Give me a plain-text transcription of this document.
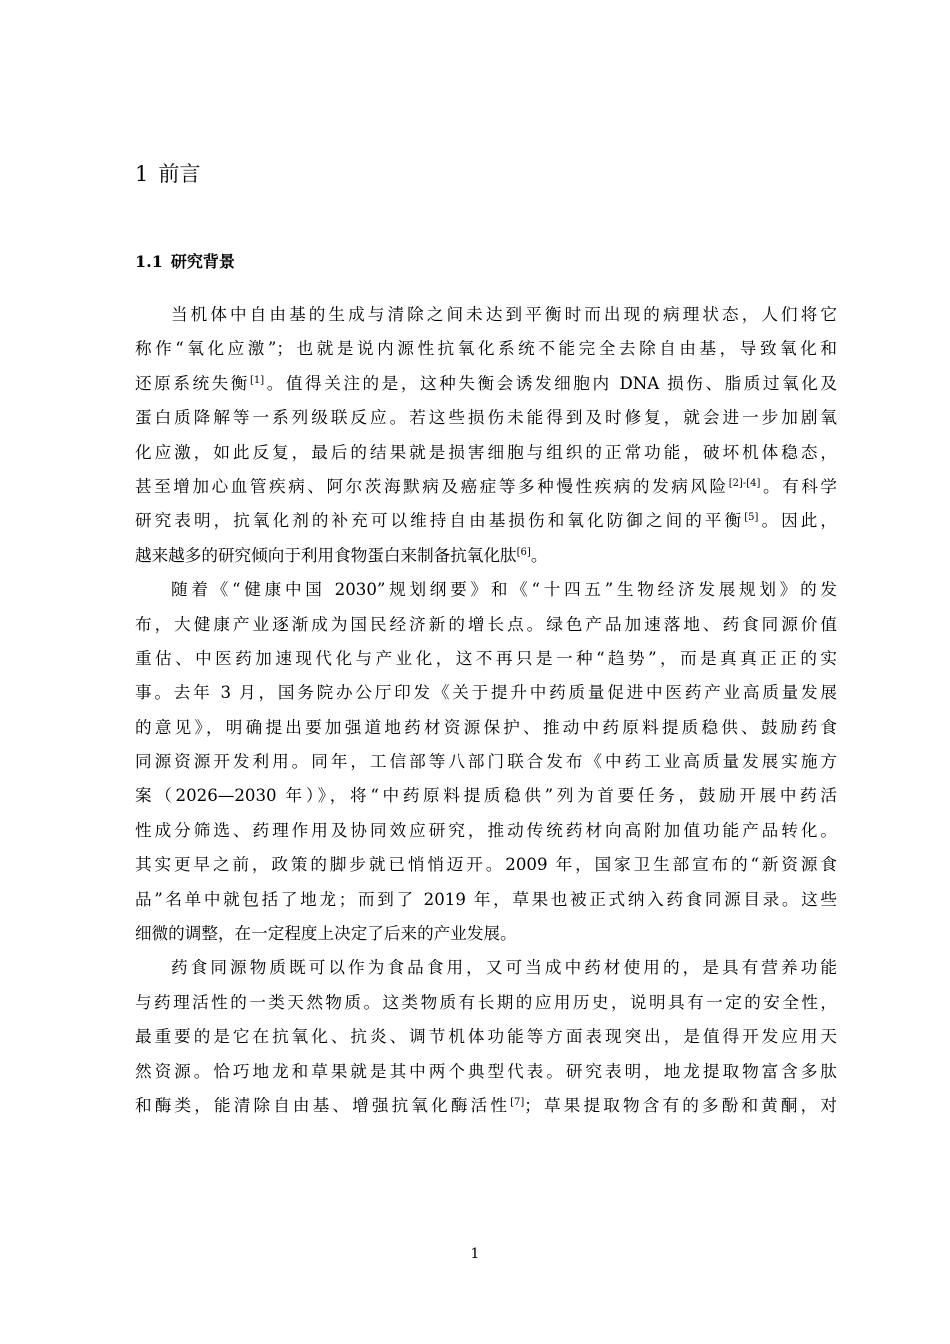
1 前言
1.1 研究背景
当机体中自由基的生成与清除之间未达到平衡时而出现的病理状态，人们将它
称作“氧化应激”；也就是说内源性抗氧化系统不能完全去除自由基，导致氧化和
还原系统失衡[1]。值得关注的是，这种失衡会诱发细胞内 DNA 损伤、脂质过氧化及
蛋白质降解等一系列级联反应。若这些损伤未能得到及时修复，就会进一步加剧氧
化应激，如此反复，最后的结果就是损害细胞与组织的正常功能，破坏机体稳态，
甚至增加心血管疾病、阿尔茨海默病及癌症等多种慢性疾病的发病风险[2]-[4]。有科学
研究表明，抗氧化剂的补充可以维持自由基损伤和氧化防御之间的平衡[5]。因此，
越来越多的研究倾向于利用食物蛋白来制备抗氧化肽[6]。
随着《“健康中国 2030”规划纲要》和《“十四五”生物经济发展规划》的发
布，大健康产业逐渐成为国民经济新的增长点。绿色产品加速落地、药食同源价值
重估、中医药加速现代化与产业化，这不再只是一种“趋势”，而是真真正正的实
事。去年 3 月，国务院办公厅印发《关于提升中药质量促进中医药产业高质量发展
的意见》，明确提出要加强道地药材资源保护、推动中药原料提质稳供、鼓励药食
同源资源开发利用。同年，工信部等八部门联合发布《中药工业高质量发展实施方
案（2026—2030 年）》，将“中药原料提质稳供”列为首要任务，鼓励开展中药活
性成分筛选、药理作用及协同效应研究，推动传统药材向高附加值功能产品转化。
其实更早之前，政策的脚步就已悄悄迈开。2009 年，国家卫生部宣布的“新资源食
品”名单中就包括了地龙；而到了 2019 年，草果也被正式纳入药食同源目录。这些
细微的调整，在一定程度上决定了后来的产业发展。
药食同源物质既可以作为食品食用，又可当成中药材使用的，是具有营养功能
与药理活性的一类天然物质。这类物质有长期的应用历史，说明具有一定的安全性，
最重要的是它在抗氧化、抗炎、调节机体功能等方面表现突出，是值得开发应用天
然资源。恰巧地龙和草果就是其中两个典型代表。研究表明，地龙提取物富含多肽
和酶类，能清除自由基、增强抗氧化酶活性[7]；草果提取物含有的多酚和黄酮，对
1
